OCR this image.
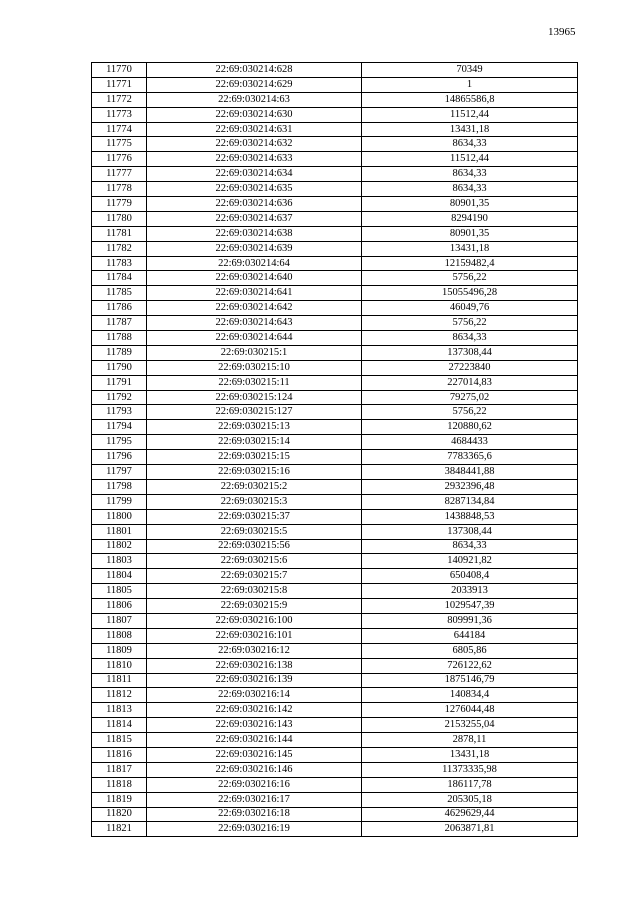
13965
11770	22:69:030214:628	70349
11771	22:69:030214:629	1
11772	22:69:030214:63	14865586,8
11773	22:69:030214:630	11512,44
11774	22:69:030214:631	13431,18
11775	22:69:030214:632	8634,33
11776	22:69:030214:633	11512,44
11777	22:69:030214:634	8634,33
11778	22:69:030214:635	8634,33
11779	22:69:030214:636	80901,35
11780	22:69:030214:637	8294190
11781	22:69:030214:638	80901,35
11782	22:69:030214:639	13431,18
11783	22:69:030214:64	12159482,4
11784	22:69:030214:640	5756,22
11785	22:69:030214:641	15055496,28
11786	22:69:030214:642	46049,76
11787	22:69:030214:643	5756,22
11788	22:69:030214:644	8634,33
11789	22:69:030215:1	137308,44
11790	22:69:030215:10	27223840
11791	22:69:030215:11	227014,83
11792	22:69:030215:124	79275,02
11793	22:69:030215:127	5756,22
11794	22:69:030215:13	120880,62
11795	22:69:030215:14	4684433
11796	22:69:030215:15	7783365,6
11797	22:69:030215:16	3848441,88
11798	22:69:030215:2	2932396,48
11799	22:69:030215:3	8287134,84
11800	22:69:030215:37	1438848,53
11801	22:69:030215:5	137308,44
11802	22:69:030215:56	8634,33
11803	22:69:030215:6	140921,82
11804	22:69:030215:7	650408,4
11805	22:69:030215:8	2033913
11806	22:69:030215:9	1029547,39
11807	22:69:030216:100	809991,36
11808	22:69:030216:101	644184
11809	22:69:030216:12	6805,86
11810	22:69:030216:138	726122,62
11811	22:69:030216:139	1875146,79
11812	22:69:030216:14	140834,4
11813	22:69:030216:142	1276044,48
11814	22:69:030216:143	2153255,04
11815	22:69:030216:144	2878,11
11816	22:69:030216:145	13431,18
11817	22:69:030216:146	11373335,98
11818	22:69:030216:16	186117,78
11819	22:69:030216:17	205305,18
11820	22:69:030216:18	4629629,44
11821	22:69:030216:19	2063871,81
